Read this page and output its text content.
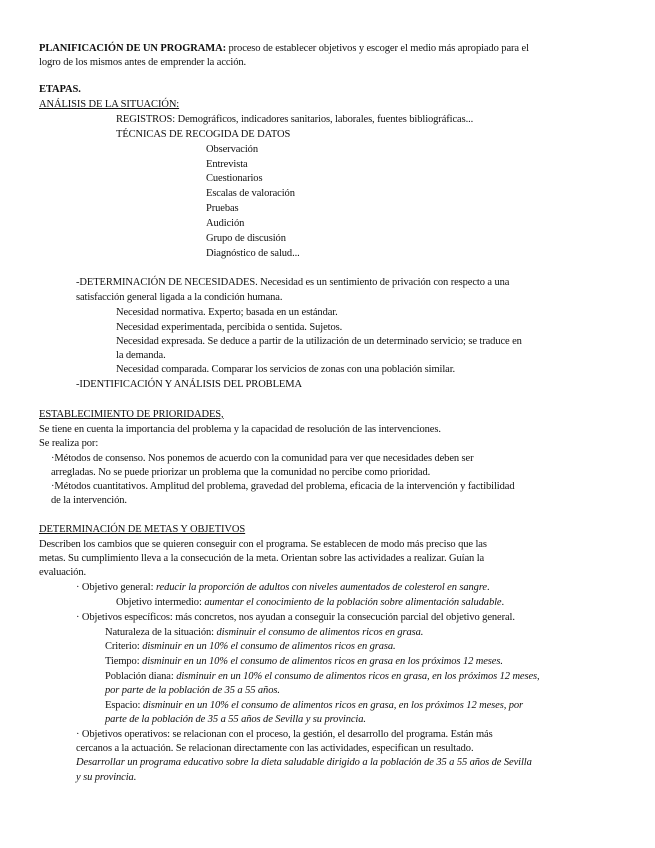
PLANIFICACIÓN DE UN PROGRAMA: proceso de establecer objetivos y escoger el medio más apropiado para el
logro de los mismos antes de emprender la acción.
ETAPAS.
ANÁLISIS DE LA SITUACIÓN:
REGISTROS: Demográficos, indicadores sanitarios, laborales, fuentes bibliográficas...
TÉCNICAS DE RECOGIDA DE DATOS
Observación
Entrevista
Cuestionarios
Escalas de valoración
Pruebas
Audición
Grupo de discusión
Diagnóstico de salud...
-DETERMINACIÓN DE NECESIDADES. Necesidad es un sentimiento de privación con respecto a una
satisfacción general ligada a la condición humana.
Necesidad normativa. Experto; basada en un estándar.
Necesidad experimentada, percibida o sentida. Sujetos.
Necesidad expresada. Se deduce a partir de la utilización de un determinado servicio; se traduce en
la demanda.
Necesidad comparada. Comparar los servicios de zonas con una población similar.
-IDENTIFICACIÓN Y ANÁLISIS DEL PROBLEMA
ESTABLECIMIENTO DE PRIORIDADES,
Se tiene en cuenta la importancia del problema y la capacidad de resolución de las intervenciones.
Se realiza por:
·Métodos de consenso. Nos ponemos de acuerdo con la comunidad para ver que necesidades deben ser
arregladas. No se puede priorizar un problema que la comunidad no percibe como prioridad.
·Métodos cuantitativos. Amplitud del problema, gravedad del problema, eficacia de la intervención y factibilidad
de la intervención.
DETERMINACIÓN DE METAS Y OBJETIVOS
Describen los cambios que se quieren conseguir con el programa. Se establecen de modo más preciso que las
metas. Su cumplimiento lleva a la consecución de la meta. Orientan sobre las actividades a realizar. Guían la
evaluación.
· Objetivo general: reducir la proporción de adultos con niveles aumentados de colesterol en sangre.
Objetivo intermedio: aumentar el conocimiento de la población sobre alimentación saludable.
· Objetivos específicos: más concretos, nos ayudan a conseguir la consecución parcial del objetivo general.
Naturaleza de la situación: disminuir el consumo de alimentos ricos en grasa.
Criterio: disminuir en un 10% el consumo de alimentos ricos en grasa.
Tiempo: disminuir en un 10% el consumo de alimentos ricos en grasa en los próximos 12 meses.
Población diana: disminuir en un 10% el consumo de alimentos ricos en grasa, en los próximos 12 meses,
por parte de la población de 35 a 55 años.
Espacio: disminuir en un 10% el consumo de alimentos ricos en grasa, en los próximos 12 meses, por
parte de la población de 35 a 55 años de Sevilla y su provincia.
· Objetivos operativos: se relacionan con el proceso, la gestión, el desarrollo del programa. Están más
cercanos a la actuación. Se relacionan directamente con las actividades, especifican un resultado.
Desarrollar un programa educativo sobre la dieta saludable dirigido a la población de 35 a 55 años de Sevilla
y su provincia.
